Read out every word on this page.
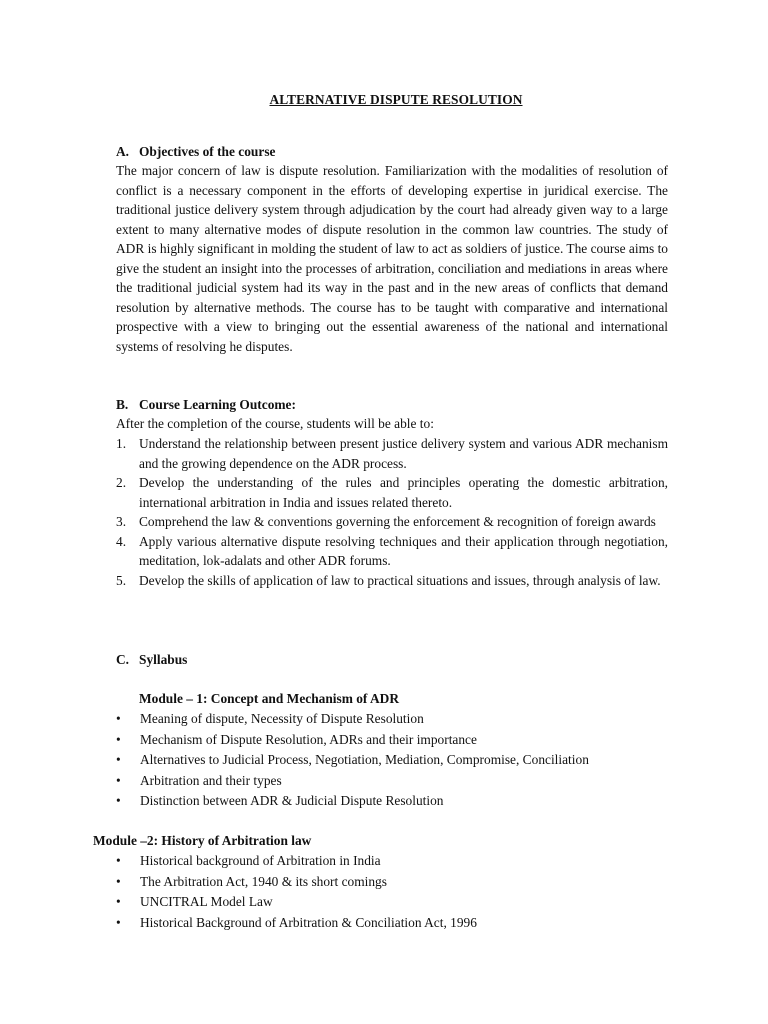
ALTERNATIVE DISPUTE RESOLUTION
A. Objectives of the course

The major concern of law is dispute resolution. Familiarization with the modalities of resolution of conflict is a necessary component in the efforts of developing expertise in juridical exercise. The traditional justice delivery system through adjudication by the court had already given way to a large extent to many alternative modes of dispute resolution in the common law countries. The study of ADR is highly significant in molding the student of law to act as soldiers of justice. The course aims to give the student an insight into the processes of arbitration, conciliation and mediations in areas where the traditional judicial system had its way in the past and in the new areas of conflicts that demand resolution by alternative methods. The course has to be taught with comparative and international prospective with a view to bringing out the essential awareness of the national and international systems of resolving he disputes.

B. Course Learning Outcome:
After the completion of the course, students will be able to:
1. Understand the relationship between present justice delivery system and various ADR mechanism and the growing dependence on the ADR process.
2. Develop the understanding of the rules and principles operating the domestic arbitration, international arbitration in India and issues related thereto.
3. Comprehend the law & conventions governing the enforcement & recognition of foreign awards
4. Apply various alternative dispute resolving techniques and their application through negotiation, meditation, lok-adalats and other ADR forums.
5. Develop the skills of application of law to practical situations and issues, through analysis of law.
C. Syllabus
Module – 1: Concept and Mechanism of ADR
• Meaning of dispute, Necessity of Dispute Resolution
• Mechanism of Dispute Resolution, ADRs and their importance
• Alternatives to Judicial Process, Negotiation, Mediation, Compromise, Conciliation
• Arbitration and their types
• Distinction between ADR & Judicial Dispute Resolution
Module –2: History of Arbitration law
• Historical background of Arbitration in India
• The Arbitration Act, 1940 & its short comings
• UNCITRAL Model Law
• Historical Background of Arbitration & Conciliation Act, 1996
